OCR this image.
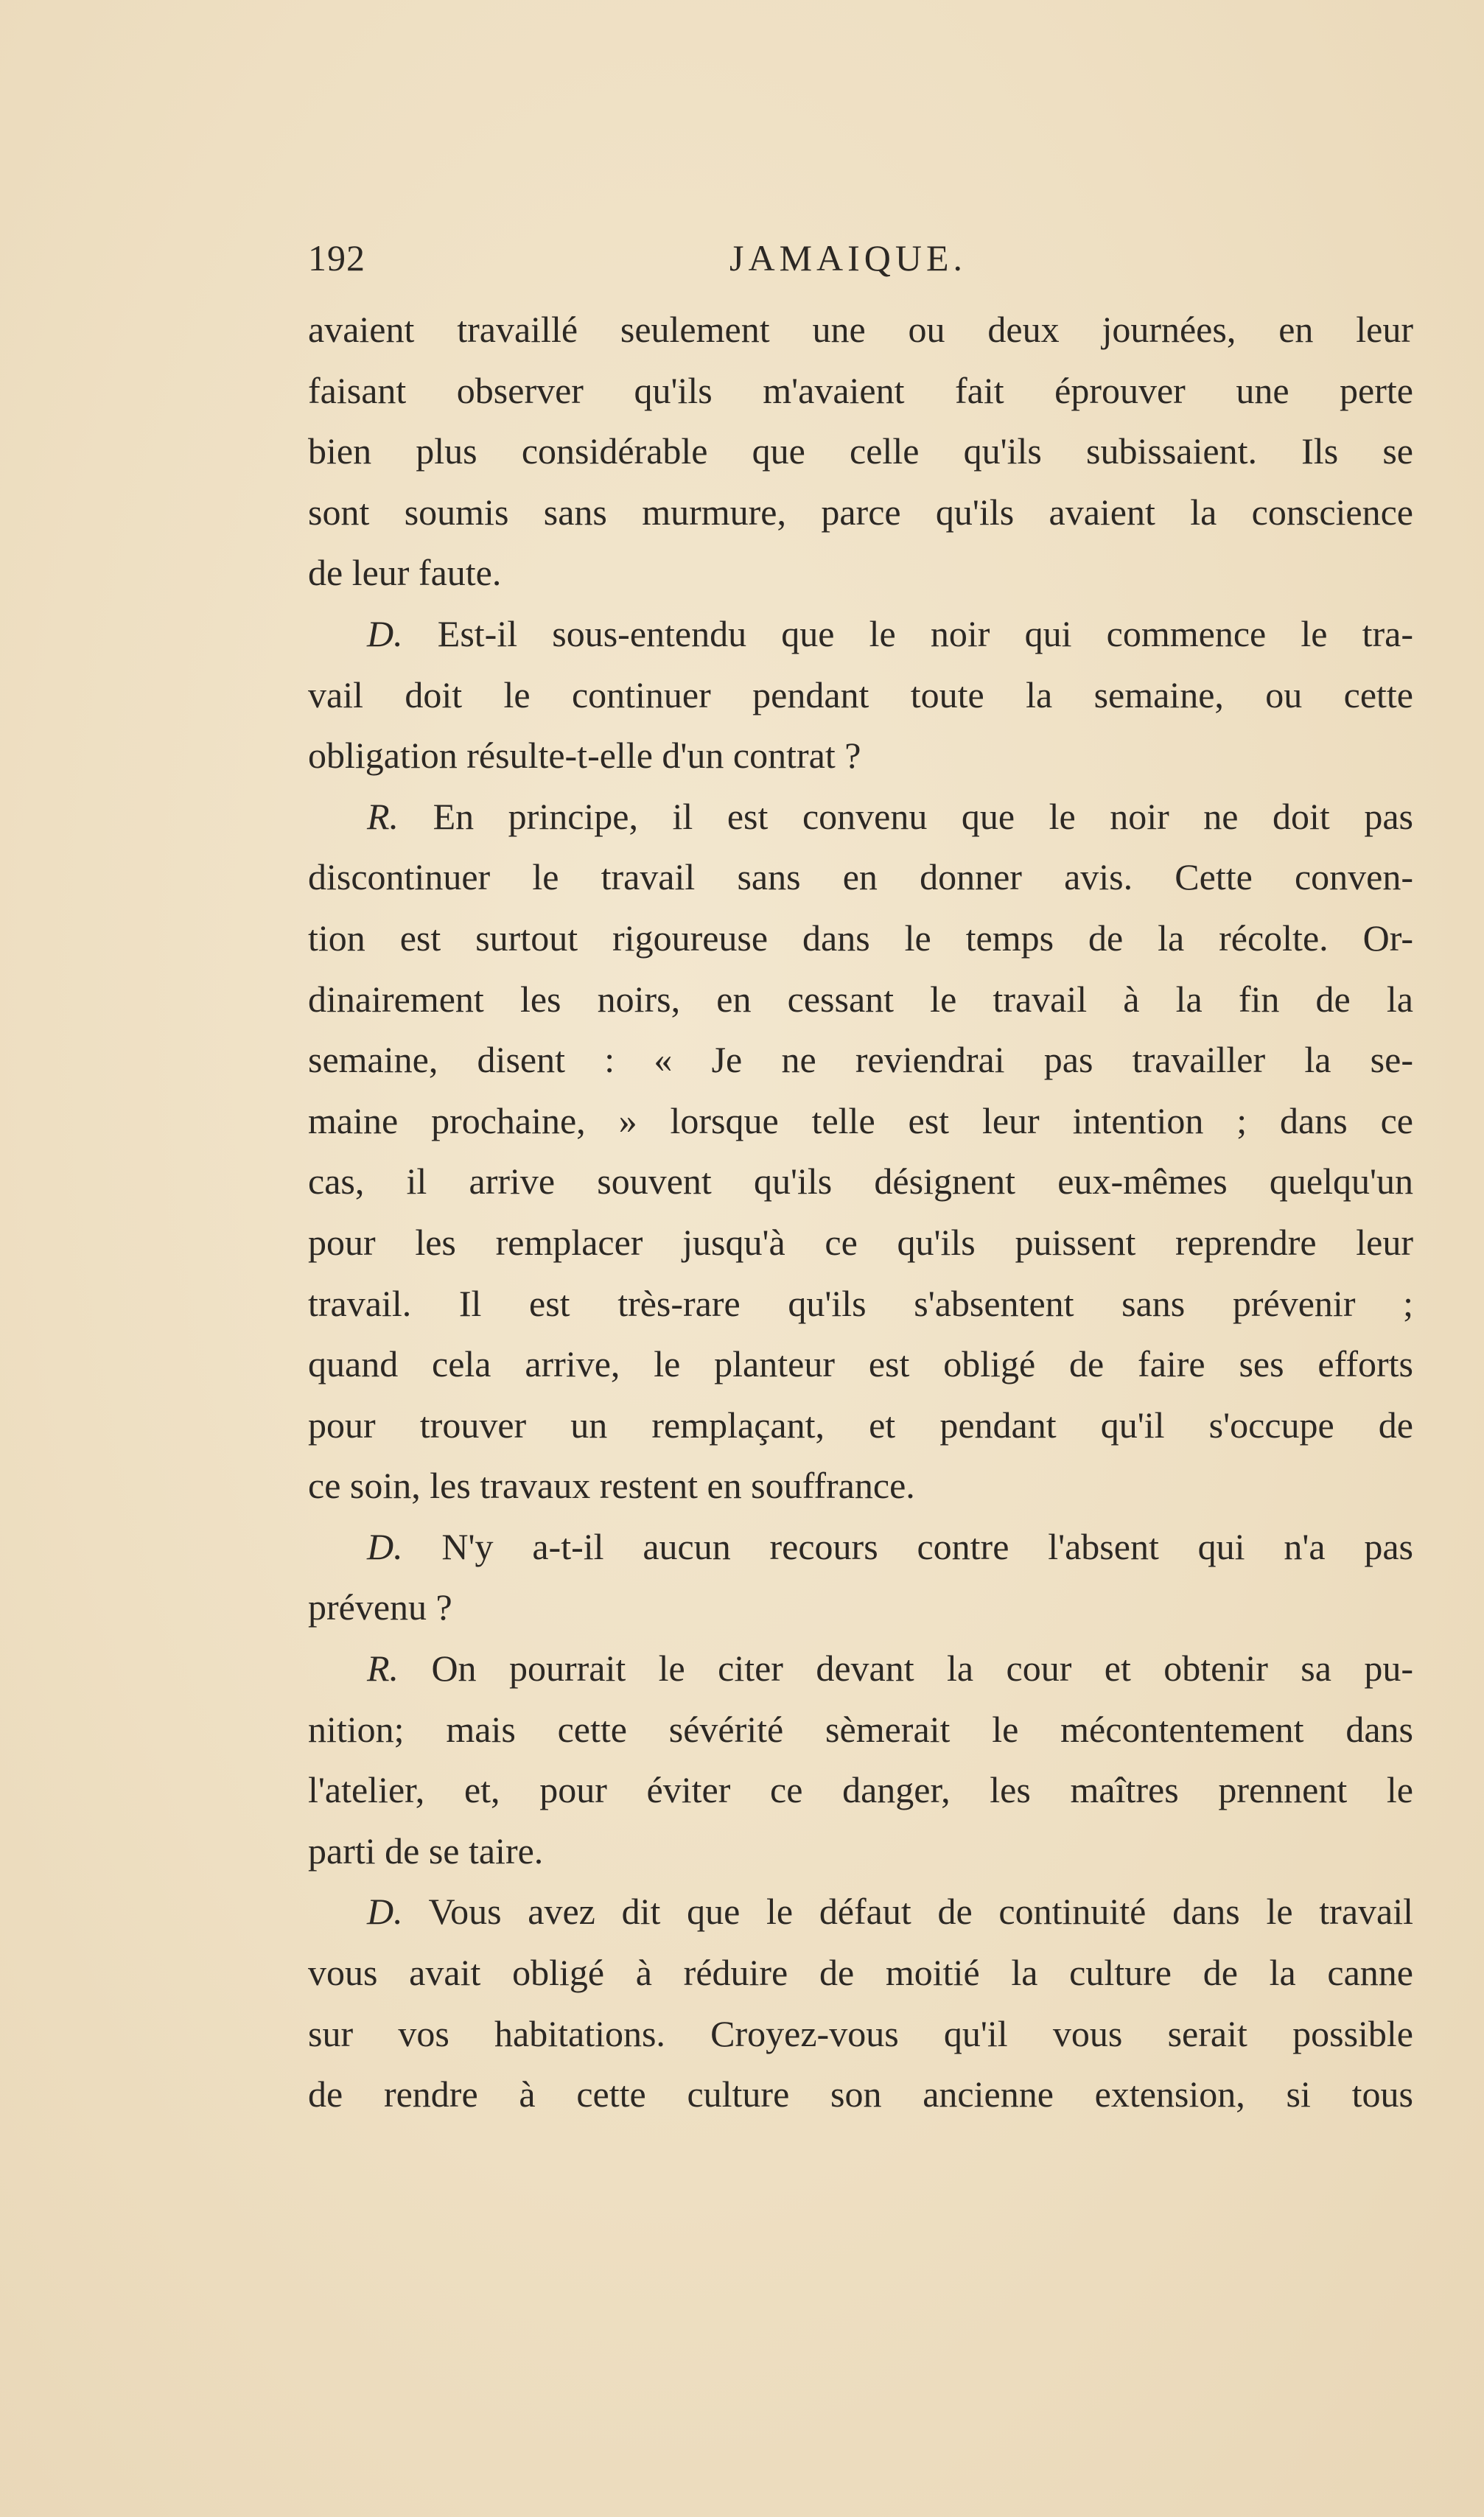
192	JAMAIQUE.
avaient travaillé seulement une ou deux journées, en leur
faisant observer qu'ils m'avaient fait éprouver une perte
bien plus considérable que celle qu'ils subissaient. Ils se
sont soumis sans murmure, parce qu'ils avaient la conscience
de leur faute.
D. Est-il sous-entendu que le noir qui commence le tra-
vail doit le continuer pendant toute la semaine, ou cette
obligation résulte-t-elle d'un contrat ?
R. En principe, il est convenu que le noir ne doit pas
discontinuer le travail sans en donner avis. Cette conven-
tion est surtout rigoureuse dans le temps de la récolte. Or-
dinairement les noirs, en cessant le travail à la fin de la
semaine, disent : « Je ne reviendrai pas travailler la se-
maine prochaine, » lorsque telle est leur intention ; dans ce
cas, il arrive souvent qu'ils désignent eux-mêmes quelqu'un
pour les remplacer jusqu'à ce qu'ils puissent reprendre leur
travail. Il est très-rare qu'ils s'absentent sans prévenir ;
quand cela arrive, le planteur est obligé de faire ses efforts
pour trouver un remplaçant, et pendant qu'il s'occupe de
ce soin, les travaux restent en souffrance.
D. N'y a-t-il aucun recours contre l'absent qui n'a pas
prévenu ?
R. On pourrait le citer devant la cour et obtenir sa pu-
nition; mais cette sévérité sèmerait le mécontentement dans
l'atelier, et, pour éviter ce danger, les maîtres prennent le
parti de se taire.
D. Vous avez dit que le défaut de continuité dans le travail
vous avait obligé à réduire de moitié la culture de la canne
sur vos habitations. Croyez-vous qu'il vous serait possible
de rendre à cette culture son ancienne extension, si tous
